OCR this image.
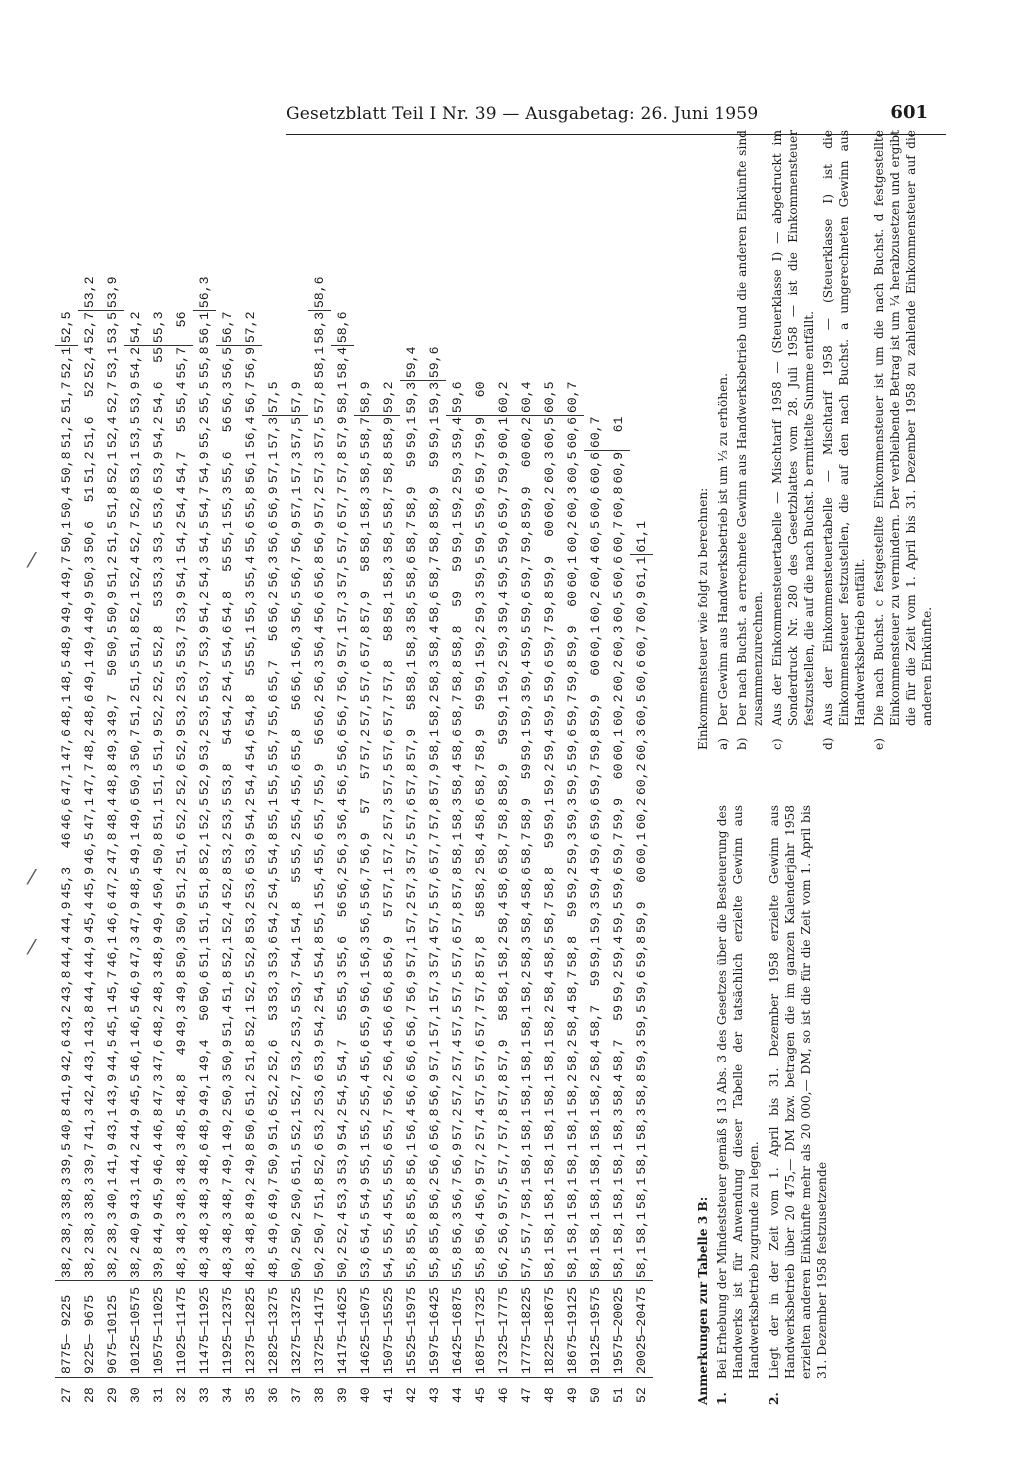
Gesetzblatt Teil I Nr. 39 — Ausgabetag: 26. Juni 1959	601
⁄
⁄
⁄
27	8775— 9225	38,2	38,3	38,3	39,5	40,8	41,9	42,6	43,2	43,8	44,4	44,9	45,3	46	46,6	47,1	47,6	48,1	48,5	48,9	49,4	49,7	50,1	50,4	50,8	51,2	51,7	52,1	52,5	
28	9225— 9675	38,2	38,3	38,3	39,7	41,3	42,4	43,1	43,8	44,4	44,9	45,4	45,9	46,5	47,1	47,7	48,2	48,6	49,1	49,4	49,9	50,3	50,6	51	51,2	51,6	52	52,4	52,7	53,2
29	9675—10125	38,2	38,3	40,1	41,9	43,1	43,9	44,5	45,1	45,7	46,1	46,6	47,2	47,8	48,4	48,8	49,3	49,7	50	50,5	50,9	51,2	51,5	51,8	52,1	52,4	52,7	53,1	53,5	53,9
30	10125—10575	38,2	40,9	43,1	44,2	44,9	45,5	46,1	46,5	46,9	47,3	47,9	48,5	49,1	49,6	50,3	50,7	51,2	51,5	51,8	52,1	52,4	52,7	52,8	53,1	53,5	53,9	54,2	54,2	
31	10575—11025	39,8	44,9	45,9	46,4	46,8	47,3	47,6	48,2	48,3	48,9	49,4	50,4	50,8	51,1	51,5	51,9	52,2	52,5	52,8	53	53,3	53,5	53,6	53,9	54,2	54,6	55	55,3	
32	11025—11475	48,3	48,3	48,3	48,3	48,5	48,8	49	49,3	49,8	50,3	50,9	51,2	51,6	52,2	52,6	52,9	53,2	53,5	53,7	53,9	54,1	54,2	54,4	54,7	55	55,4	55,7	56	
33	11475—11925	48,3	48,3	48,3	48,6	48,9	49,1	49,4	50	50,6	51,1	51,5	51,8	52,1	52,5	52,9	53,2	53,5	53,7	53,9	54,2	54,3	54,5	54,7	54,9	55,2	55,5	55,8	56,1	56,3
34	11925—12375	48,3	48,3	48,7	49,1	49,2	50,3	50,9	51,4	51,8	52,1	52,4	52,8	53,2	53,5	53,8	54	54,2	54,5	54,6	54,8	55	55,1	55,3	55,6	56	56,3	56,5	56,7	
35	12375—12825	48,3	48,8	49,2	49,8	50,6	51,2	51,8	52,1	52,5	52,8	53,2	53,6	53,9	54,2	54,4	54,6	54,8	55	55,1	55,3	55,4	55,6	55,8	56,1	56,4	56,7	56,9	57,2	
36	12825—13275	48,5	49,6	49,7	50,9	51,6	52,2	52,6	53	53,3	53,6	54,2	54,5	54,8	55,1	55,5	55,7	55,6	55,7	56	56,2	56,3	56,6	56,9	57,1	57,3	57,5			
37	13275—13725	50,2	50,2	50,6	51,5	52,1	52,7	53,2	53,5	53,7	54,1	54,8	55	55,2	55,4	55,6	55,8	56	56,1	56,3	56,5	56,7	56,9	57,1	57,3	57,5	57,9			
38	13725—14175	50,2	50,7	51,8	52,6	53,2	53,6	53,9	54,2	54,5	54,8	55,1	55,4	55,6	55,7	55,9	56	56,2	56,3	56,4	56,6	56,8	56,9	57,2	57,3	57,5	57,8	58,1	58,3	58,6
39	14175—14625	50,2	52,4	53,3	53,9	54,2	54,5	54,7	55	55,3	55,6	56	56,2	56,3	56,4	56,5	56,6	56,7	56,9	57,1	57,3	57,5	57,6	57,7	57,8	57,9	58,1	58,4	58,6	
40	14625—15075	53,6	54,5	54,9	55,1	55,2	55,4	55,6	55,9	56,1	56,3	56,5	56,7	56,9	57	57	57,2	57,5	57,6	57,8	57,9	58	58,1	58,3	58,5	58,7	58,9			
41	15075—15525	54,5	55,4	55,5	55,6	55,7	56,2	56,4	56,6	56,8	56,9	57	57,1	57,2	57,3	57,5	57,6	57,7	57,8	58	58,1	58,3	58,5	58,7	58,8	58,9	59,2			
42	15525—15975	55,8	55,8	55,8	56,1	56,4	56,6	56,6	56,7	56,9	57,1	57,2	57,3	57,5	57,6	57,8	57,9	58	58,1	58,3	58,5	58,6	58,7	58,9	59	59,1	59,3	59,4		
43	15975—16425	55,8	55,8	56,2	56,6	56,8	56,9	57,1	57,1	57,3	57,4	57,5	57,6	57,7	57,8	57,9	58,1	58,2	58,3	58,4	58,6	58,7	58,8	58,9	59	59,1	59,3	59,6		
44	16425—16875	55,8	56,3	56,7	56,9	57,2	57,2	57,4	57,5	57,5	57,6	57,8	57,8	58,1	58,3	58,4	58,6	58,7	58,8	58,8	59	59	59,1	59,2	59,3	59,4	59,6			
45	16875—17325	55,8	56,4	56,9	57,2	57,4	57,5	57,6	57,7	57,8	57,8	58	58,2	58,4	58,6	58,7	58,9	59	59,1	59,2	59,3	59,5	59,5	59,6	59,7	59,9	60			
46	17325—17775	56,2	56,9	57,5	57,7	57,8	57,8	57,9	58	58,1	58,2	58,4	58,6	58,7	58,8	58,9	59	59,1	59,2	59,3	59,4	59,5	59,6	59,7	59,9	60,1	60,2			
47	17775—18225	57,5	57,7	58,1	58,1	58,1	58,1	58,1	58,1	58,2	58,3	58,4	58,6	58,7	58,9	59	59,1	59,3	59,4	59,5	59,6	59,7	59,8	59,9	60	60,2	60,4			
48	18225—18675	58,1	58,1	58,1	58,1	58,1	58,1	58,1	58,2	58,4	58,5	58,7	58,8	59	59,1	59,2	59,4	59,5	59,6	59,7	59,8	59,9	60	60,2	60,3	60,5	60,5			
49	18675—19125	58,1	58,1	58,1	58,1	58,1	58,2	58,2	58,4	58,7	58,8	59	59,2	59,3	59,3	59,5	59,6	59,7	59,8	59,9	60	60,1	60,2	60,3	60,5	60,6	60,7			
50	19125—19575	58,1	58,1	58,1	58,1	58,1	58,2	58,4	58,7	59	59,1	59,3	59,4	59,6	59,6	59,7	59,8	59,9	60	60,1	60,2	60,4	60,5	60,6	60,6	60,7				
51	19575—20025	58,1	58,1	58,1	58,1	58,3	58,4	58,7	59	59,2	59,4	59,5	59,6	59,7	59,9	60	60,1	60,2	60,2	60,3	60,5	60,6	60,7	60,8	60,9	61				
52	20025—20475	58,1	58,1	58,1	58,1	58,3	58,8	59,3	59,5	59,6	59,8	59,9	60	60,1	60,2	60,2	60,3	60,5	60,6	60,7	60,9	61,1	61,1							
Anmerkungen zur Tabelle 3 B: 1.
Bei Erhebung der Mindeststeuer gemäß § 13 Abs. 3 des Gesetzes über die Besteuerung des Handwerks ist für Anwendung dieser Tabelle der tatsächlich erzielte Gewinn aus Handwerksbetrieb zugrunde zu legen.
2.
Liegt der in der Zeit vom 1. April bis 31. Dezember 1958 erzielte Gewinn aus Handwerksbetrieb über 20 475,— DM bzw. betragen die im ganzen Kalenderjahr 1958 erzielten anderen Einkünfte mehr als 20 000,— DM, so ist die für die Zeit vom 1. April bis 31. Dezember 1958 festzusetzende
Einkommensteuer wie folgt zu berechnen: a)
Der Gewinn aus Handwerksbetrieb ist um ⅓ zu erhöhen.
b)
Der nach Buchst. a errechnete Gewinn aus Handwerksbetrieb und die anderen Einkünfte sind zusammenzurechnen.
c)
Aus der Einkommensteuertabelle — Mischtarif 1958 — (Steuerklasse I) — abgedruckt im Sonderdruck Nr. 280 des Gesetzblattes vom 28. Juli 1958 — ist die Einkommensteuer festzustellen, die auf die nach Buchst. b ermittelte Summe entfällt.
d)
Aus der Einkommensteuertabelle — Mischtarif 1958 — (Steuerklasse I) ist die Einkommensteuer festzustellen, die auf den nach Buchst. a umgerechneten Gewinn aus Handwerksbetrieb entfällt.
e)
Die nach Buchst. c festgestellte Einkommensteuer ist um die nach Buchst. d festgestellte Einkommensteuer zu vermindern. Der verbleibende Betrag ist um ¼ herabzusetzen und ergibt die für die Zeit vom 1. April bis 31. Dezember 1958 zu zahlende Einkommensteuer auf die anderen Einkünfte.
